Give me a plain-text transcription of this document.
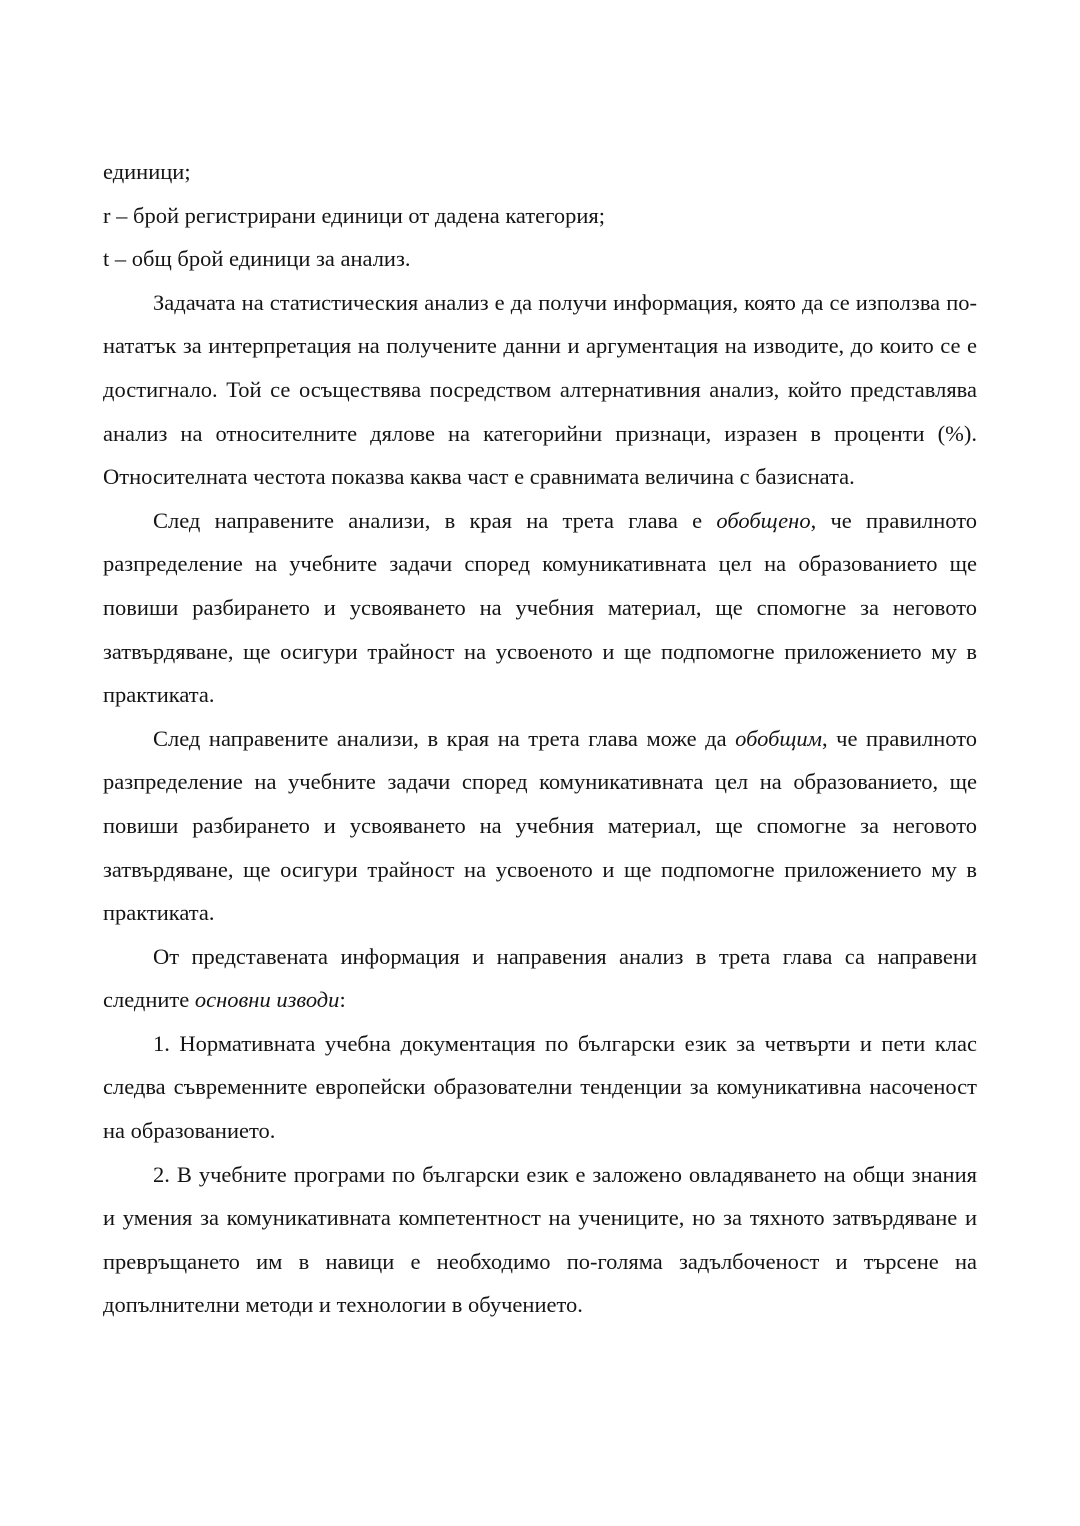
единици;

r – брой регистрирани единици от дадена категория;

t – общ брой единици за анализ.

Задачата на статистическия анализ е да получи информация, която да се използва по-нататък за интерпретация на получените данни и аргументация на изводите, до които се е достигнало. Той се осъществява посредством алтернативния анализ, който представлява анализ на относителните дялове на категорийни признаци, изразен в проценти (%). Относителната честота показва каква част е сравнимата величина с базисната.

След направените анализи, в края на трета глава е обобщено, че правилното разпределение на учебните задачи според комуникативната цел на образованието ще повиши разбирането и усвояването на учебния материал, ще спомогне за неговото затвърдяване, ще осигури трайност на усвоеното и ще подпомогне приложението му в практиката.

След направените анализи, в края на трета глава може да обобщим, че правилното разпределение на учебните задачи според комуникативната цел на образованието, ще повиши разбирането и усвояването на учебния материал, ще спомогне за неговото затвърдяване, ще осигури трайност на усвоеното и ще подпомогне приложението му в практиката.

От представената информация и направения анализ в трета глава са направени следните основни изводи:

1. Нормативната учебна документация по български език за четвърти и пети клас следва съвременните европейски образователни тенденции за комуникативна насоченост на образованието.

2. В учебните програми по български език е заложено овладяването на общи знания и умения за комуникативната компетентност на учениците, но за тяхното затвърдяване и превръщането им в навици е необходимо по-голяма задълбоченост и търсене на допълнителни методи и технологии в обучението.
